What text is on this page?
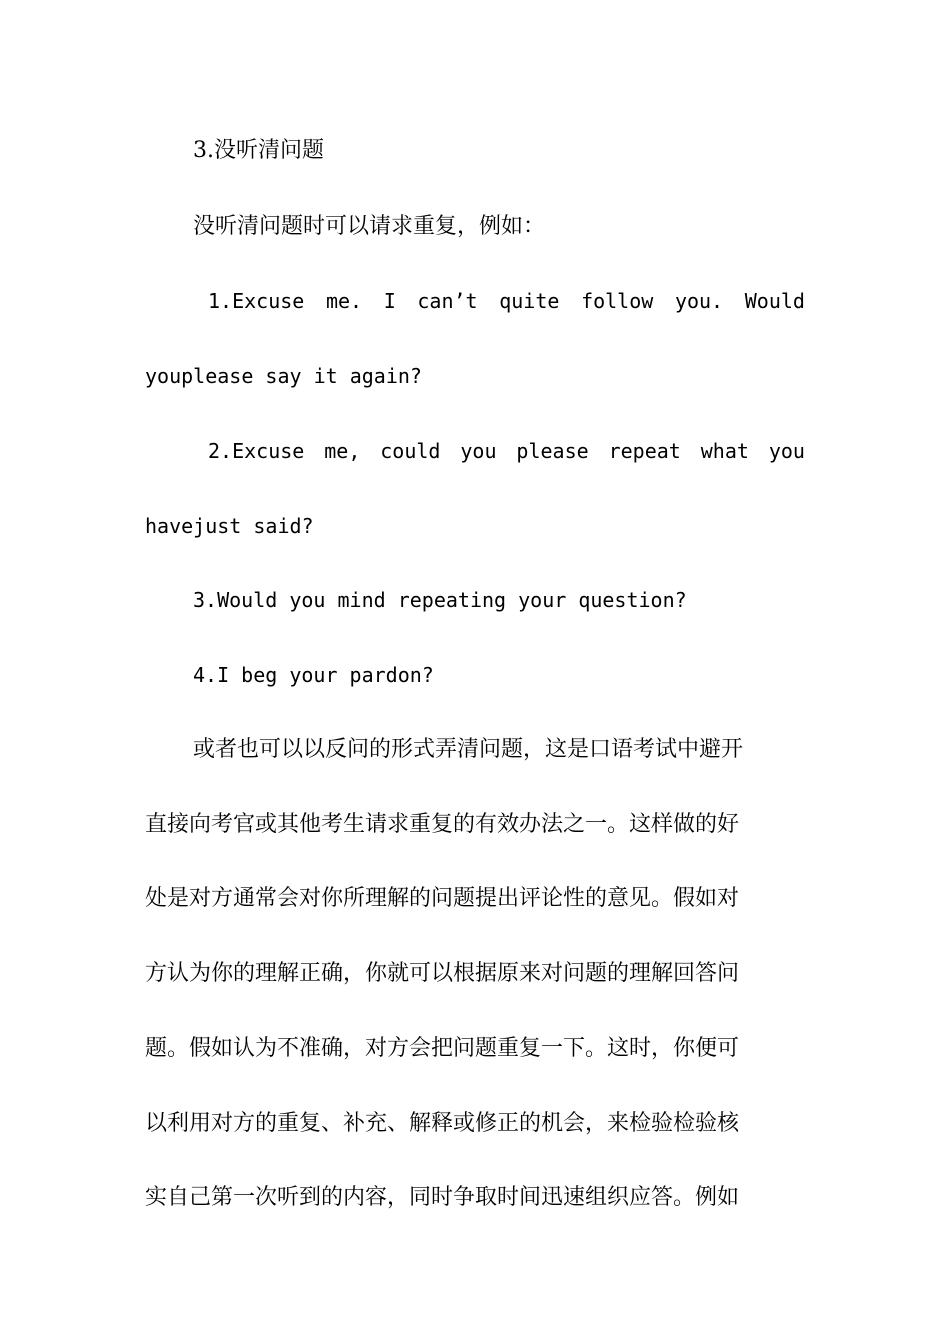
3.没听清问题
没听清问题时可以请求重复，例如：
1.Excuse me. I can’t quite follow you. Would
youplease say it again?
2.Excuse me, could you please repeat what you
havejust said?
3.Would you mind repeating your question?
4.I beg your pardon?
或者也可以以反问的形式弄清问题，这是口语考试中避开
直接向考官或其他考生请求重复的有效办法之一。这样做的好
处是对方通常会对你所理解的问题提出评论性的意见。假如对
方认为你的理解正确，你就可以根据原来对问题的理解回答问
题。假如认为不准确，对方会把问题重复一下。这时，你便可
以利用对方的重复、补充、解释或修正的机会，来检验检验核
实自己第一次听到的内容，同时争取时间迅速组织应答。例如
